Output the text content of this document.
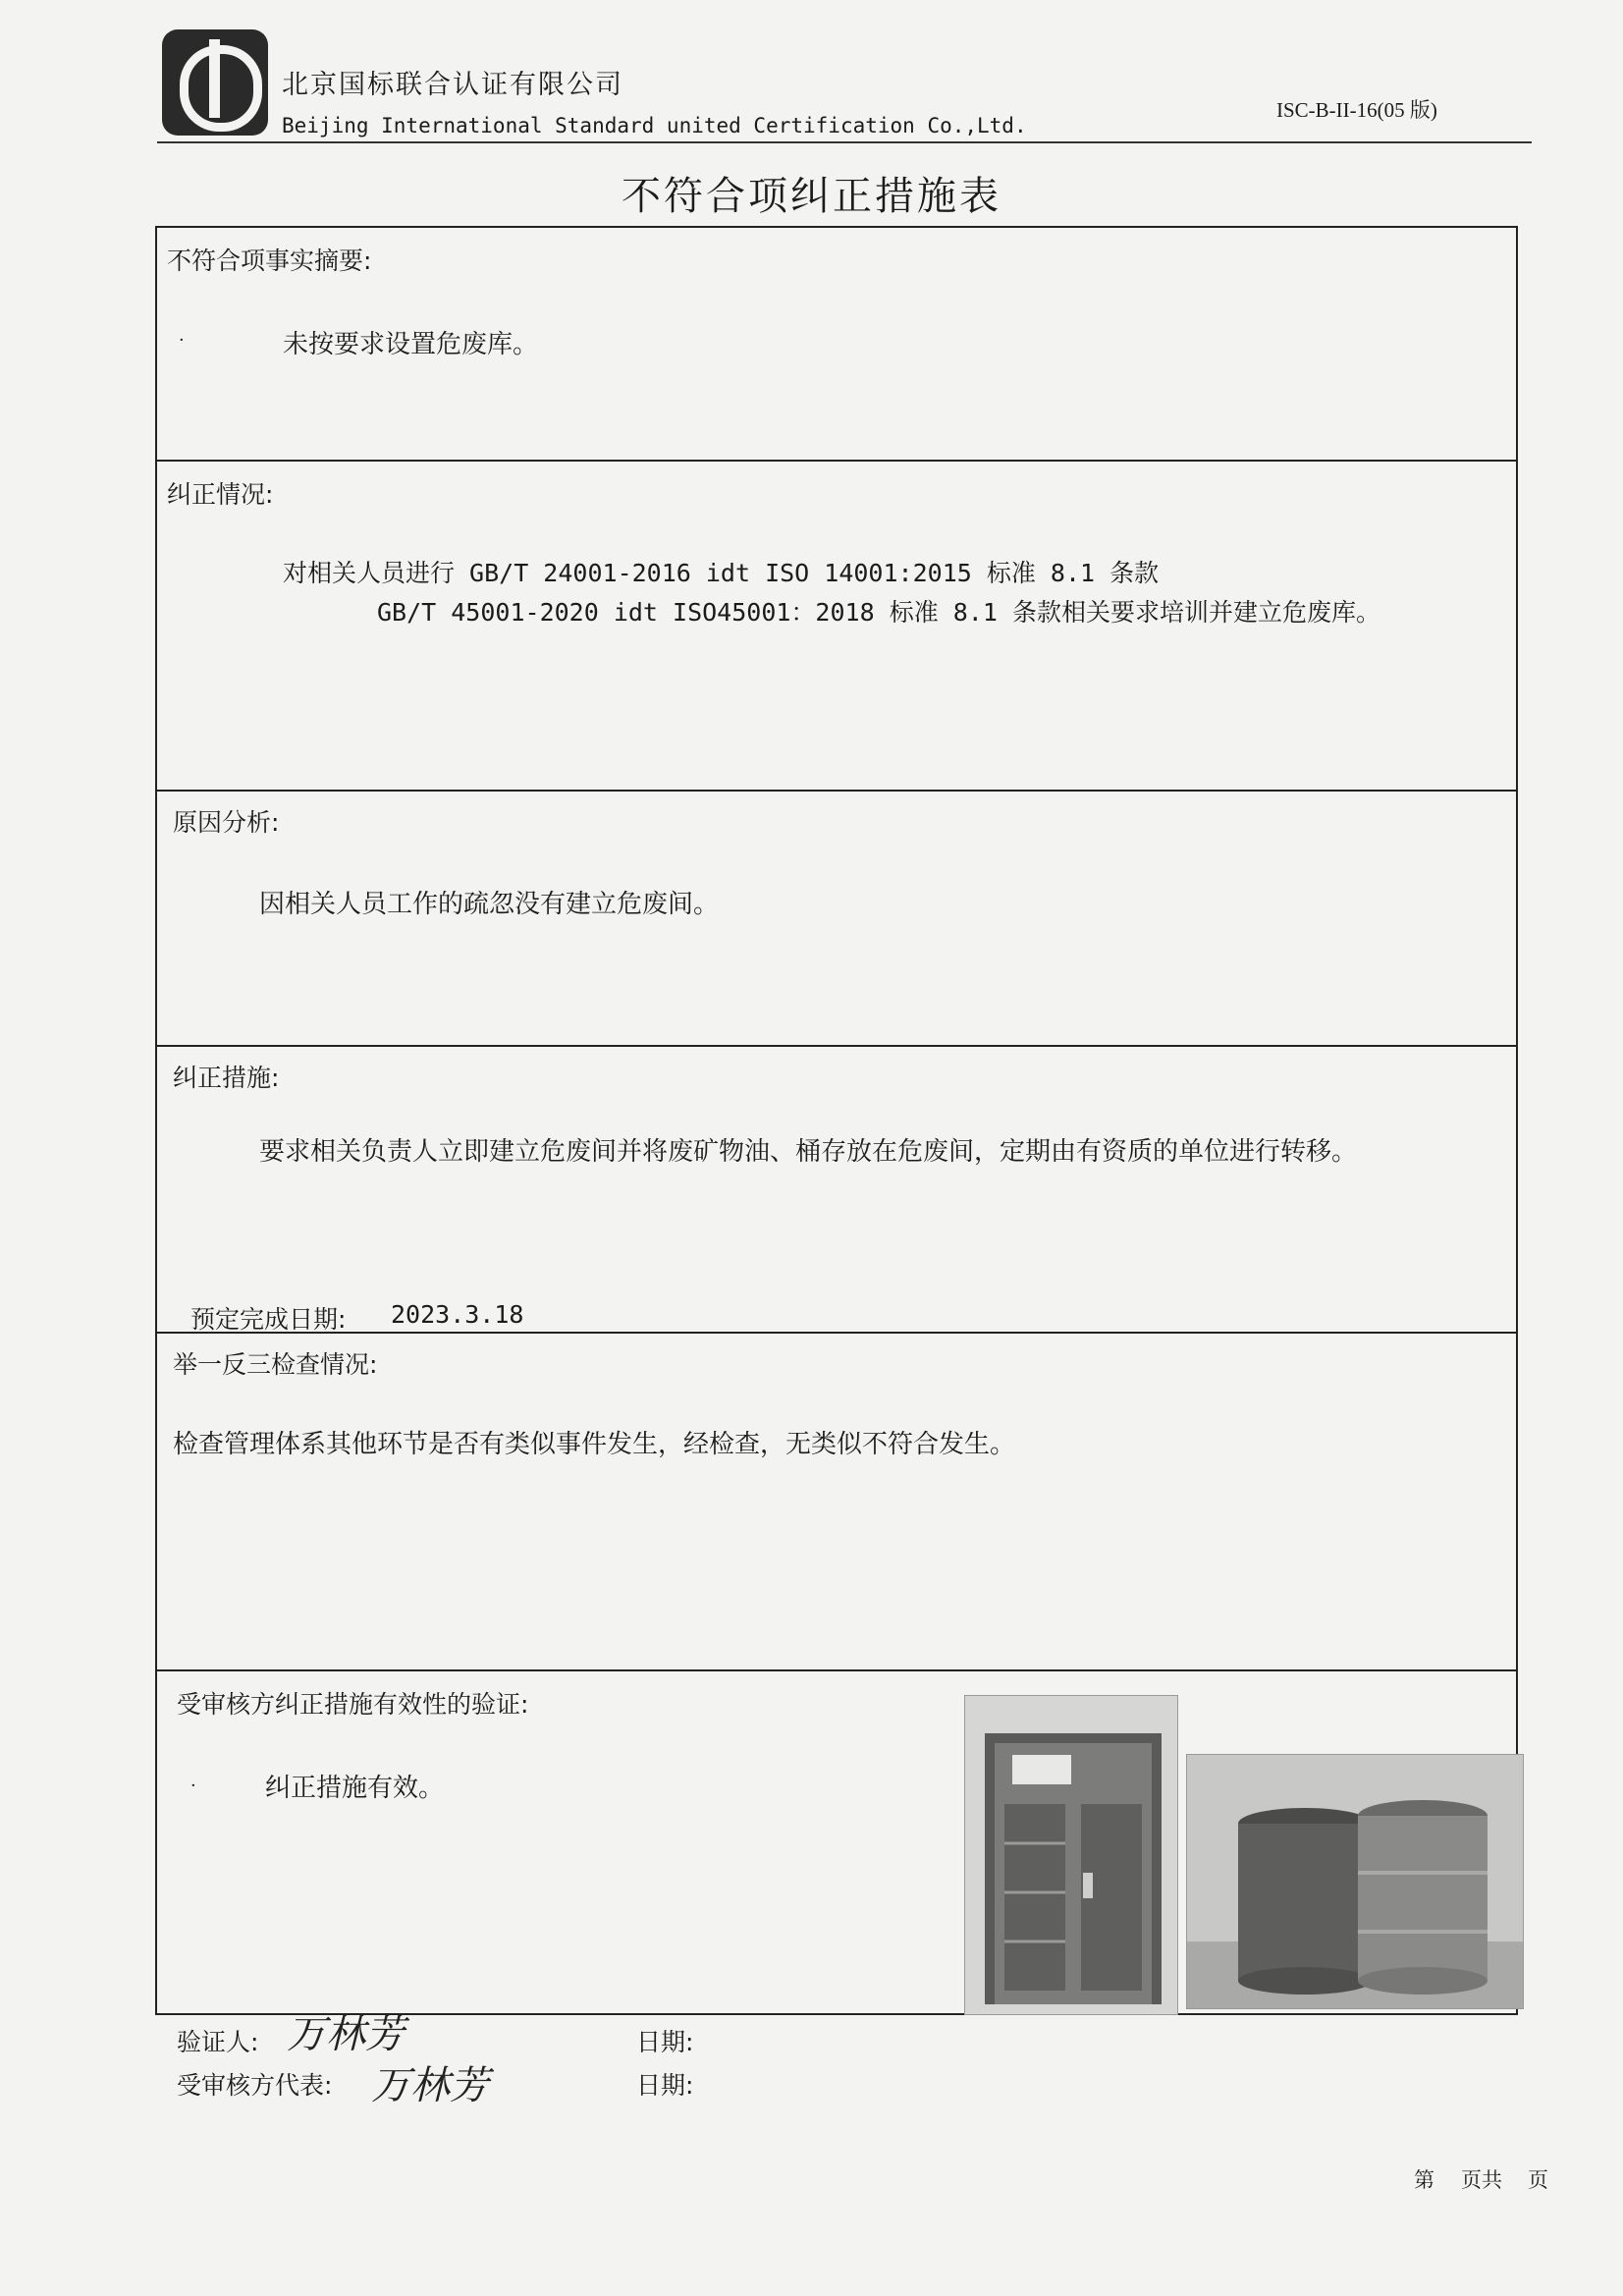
北京国标联合认证有限公司
Beijing International Standard united Certification Co.,Ltd.
ISC-B-II-16(05 版)
不符合项纠正措施表
不符合项事实摘要:
·	未按要求设置危废库。
纠正情况:
对相关人员进行 GB/T 24001-2016 idt ISO 14001:2015 标准 8.1 条款
GB/T 45001-2020 idt ISO45001：2018 标准 8.1 条款相关要求培训并建立危废库。
原因分析:
因相关人员工作的疏忽没有建立危废间。
纠正措施:
要求相关负责人立即建立危废间并将废矿物油、桶存放在危废间，定期由有资质的单位进行转移。
预定完成日期: 2023.3.18
举一反三检查情况:
检查管理体系其他环节是否有类似事件发生，经检查，无类似不符合发生。
受审核方纠正措施有效性的验证:
·	纠正措施有效。
验证人: 万林芳	日期:
受审核方代表: 万林芳	日期:
第 页共 页
